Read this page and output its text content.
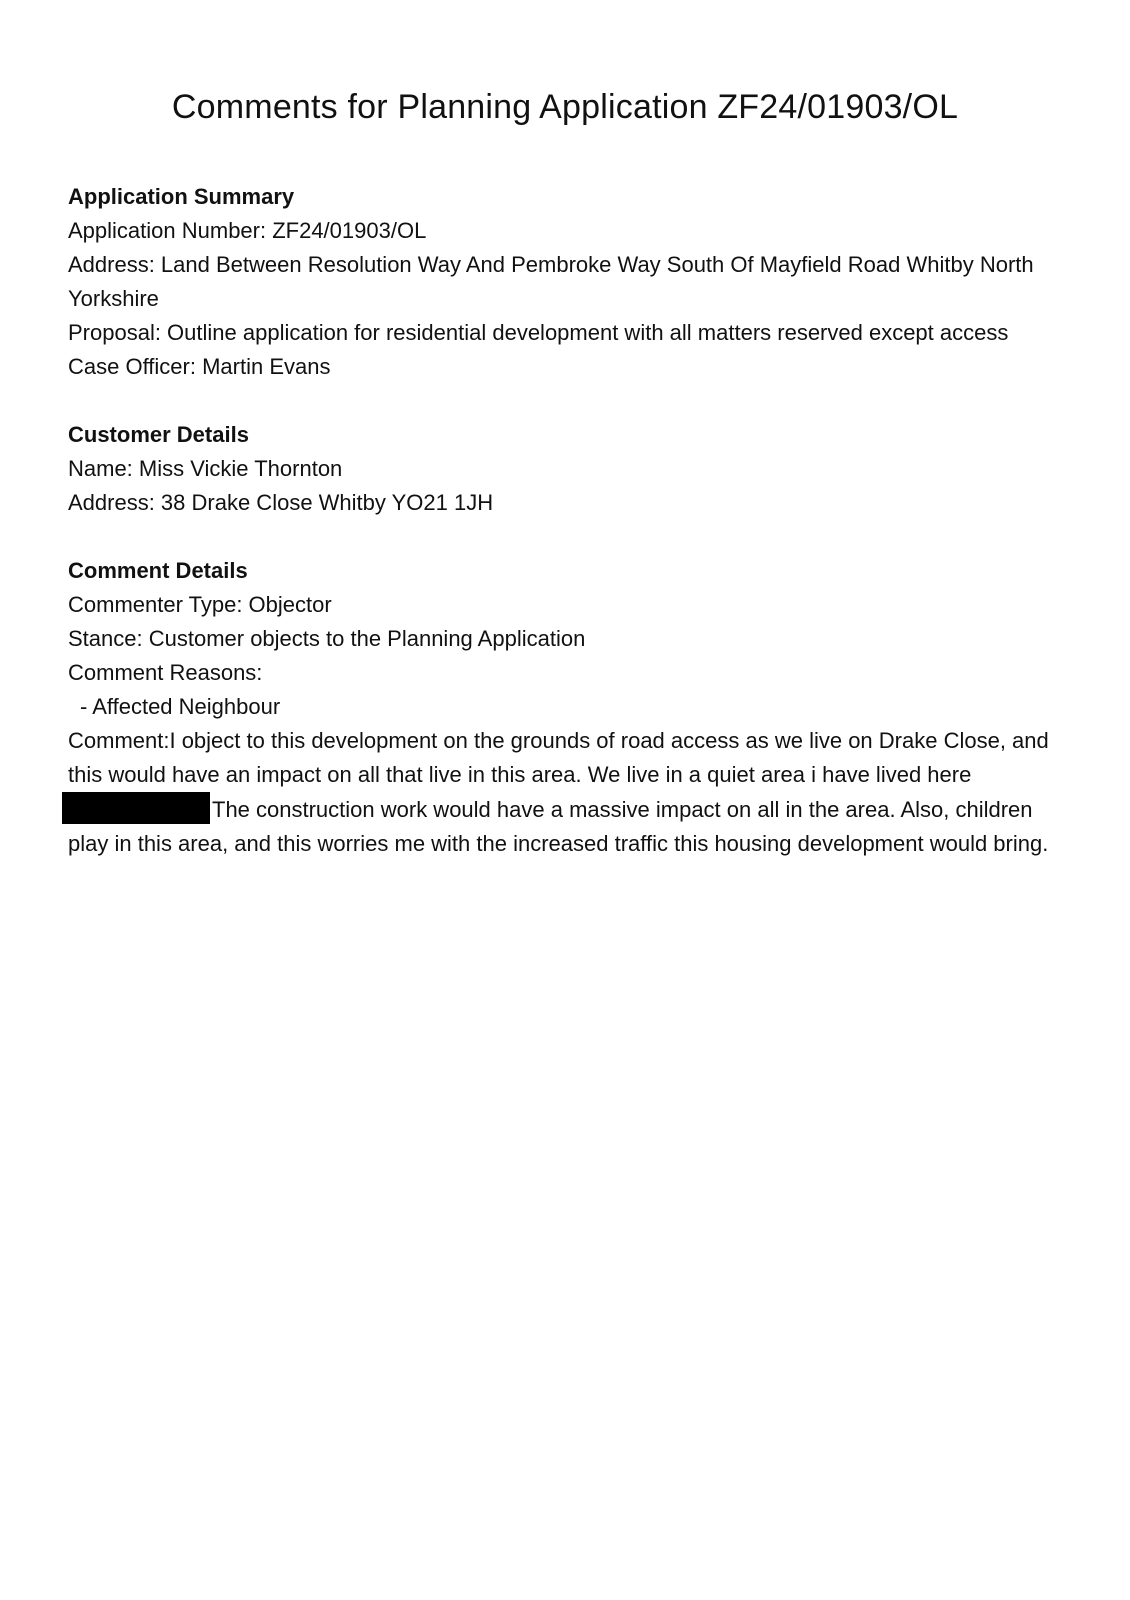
Comments for Planning Application ZF24/01903/OL
Application Summary
Application Number: ZF24/01903/OL
Address: Land Between Resolution Way And Pembroke Way South Of Mayfield Road Whitby North Yorkshire
Proposal: Outline application for residential development with all matters reserved except access
Case Officer: Martin Evans
Customer Details
Name: Miss Vickie Thornton
Address: 38 Drake Close Whitby YO21 1JH
Comment Details
Commenter Type: Objector
Stance: Customer objects to the Planning Application
Comment Reasons:
- Affected Neighbour
Comment:I object to this development on the grounds of road access as we live on Drake Close, and this would have an impact on all that live in this area. We live in a quiet area i have lived here The construction work would have a massive impact on all in the area. Also, children play in this area, and this worries me with the increased traffic this housing development would bring.
